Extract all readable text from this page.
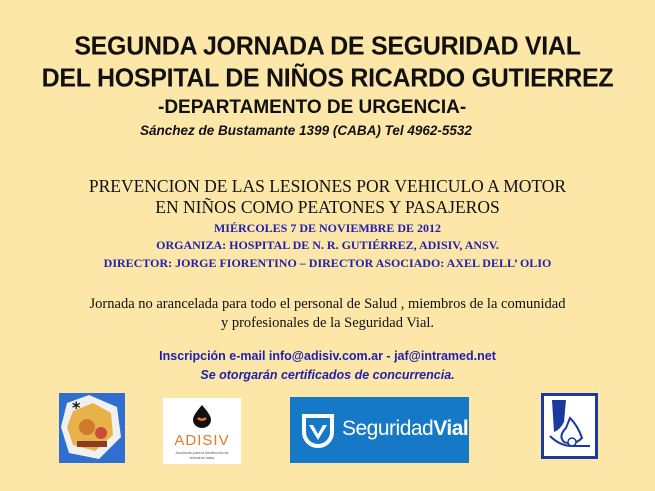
SEGUNDA JORNADA DE SEGURIDAD VIAL
DEL HOSPITAL DE NIÑOS RICARDO GUTIERREZ
-DEPARTAMENTO DE URGENCIA-
Sánchez de Bustamante 1399 (CABA) Tel 4962-5532
PREVENCION DE LAS LESIONES POR VEHICULO A MOTOR
EN NIÑOS COMO PEATONES Y PASAJEROS
MIÉRCOLES 7 DE NOVIEMBRE DE 2012
ORGANIZA: HOSPITAL DE N. R. GUTIÉRREZ, ADISIV, ANSV.
DIRECTOR: JORGE FIORENTINO – DIRECTOR ASOCIADO: AXEL DELL’ OLIO
Jornada no arancelada para todo el personal de Salud , miembros de la comunidad
y profesionales de la Seguridad Vial.
Inscripción e-mail info@adisiv.com.ar - jaf@intramed.net
Se otorgarán certificados de concurrencia.
*
ADISIV
Asociación para la disminución de siniestros viales
SeguridadVial
